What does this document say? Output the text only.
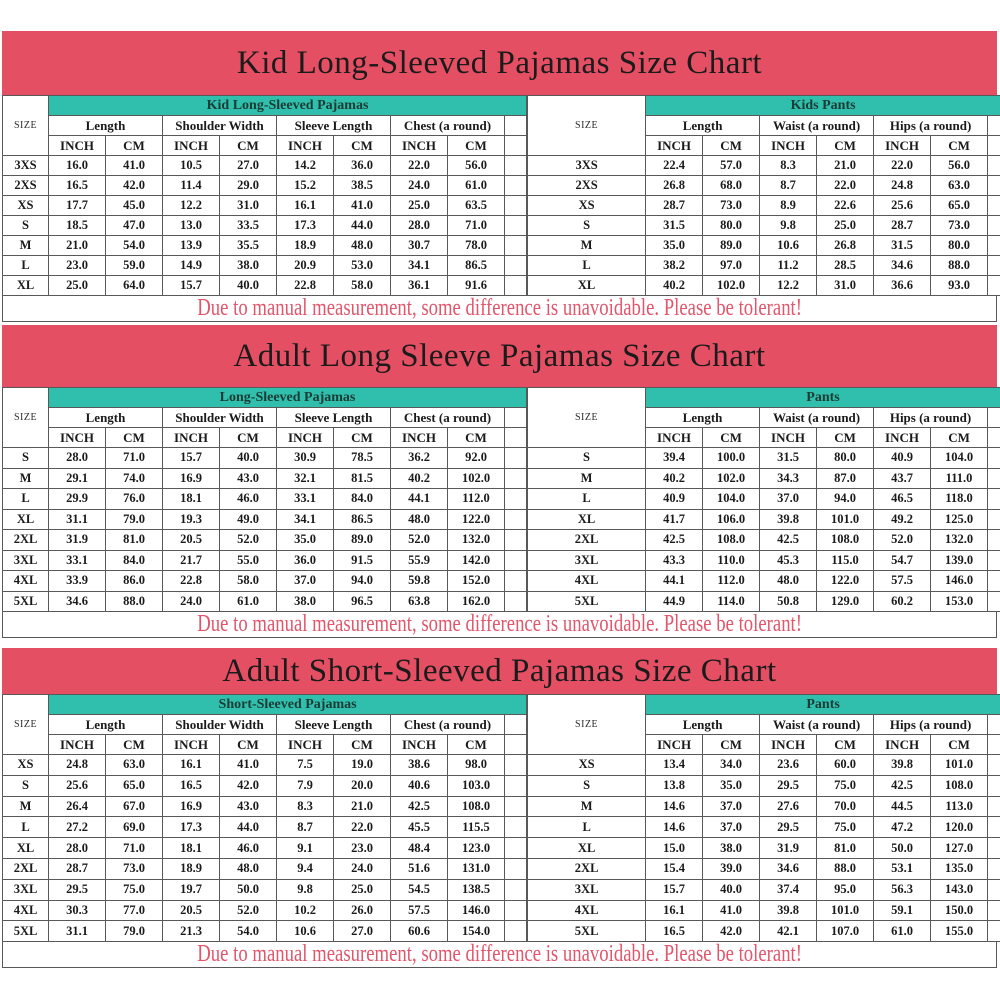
Kid Long-Sleeved Pajamas Size Chart
SIZE	Kid Long-Sleeved Pajamas								
	Length		Shoulder Width		Sleeve Length		Chest (a round)		
	INCH	CM	INCH	CM	INCH	CM	INCH	CM	
3XS	16.0	41.0	10.5	27.0	14.2	36.0	22.0	56.0	
2XS	16.5	42.0	11.4	29.0	15.2	38.5	24.0	61.0	
XS	17.7	45.0	12.2	31.0	16.1	41.0	25.0	63.5	
S	18.5	47.0	13.0	33.5	17.3	44.0	28.0	71.0	
M	21.0	54.0	13.9	35.5	18.9	48.0	30.7	78.0	
L	23.0	59.0	14.9	38.0	20.9	53.0	34.1	86.5	
XL	25.0	64.0	15.7	40.0	22.8	58.0	36.1	91.6	
SIZE	Kids Pants						
	Length		Waist (a round)		Hips (a round)		
	INCH	CM	INCH	CM	INCH	CM	
3XS	22.4	57.0	8.3	21.0	22.0	56.0	
2XS	26.8	68.0	8.7	22.0	24.8	63.0	
XS	28.7	73.0	8.9	22.6	25.6	65.0	
S	31.5	80.0	9.8	25.0	28.7	73.0	
M	35.0	89.0	10.6	26.8	31.5	80.0	
L	38.2	97.0	11.2	28.5	34.6	88.0	
XL	40.2	102.0	12.2	31.0	36.6	93.0	
Due to manual measurement, some difference is unavoidable. Please be tolerant!
Adult Long Sleeve Pajamas Size Chart
SIZE	Long-Sleeved Pajamas								
	Length		Shoulder Width		Sleeve Length		Chest (a round)		
	INCH	CM	INCH	CM	INCH	CM	INCH	CM	
S	28.0	71.0	15.7	40.0	30.9	78.5	36.2	92.0	
M	29.1	74.0	16.9	43.0	32.1	81.5	40.2	102.0	
L	29.9	76.0	18.1	46.0	33.1	84.0	44.1	112.0	
XL	31.1	79.0	19.3	49.0	34.1	86.5	48.0	122.0	
2XL	31.9	81.0	20.5	52.0	35.0	89.0	52.0	132.0	
3XL	33.1	84.0	21.7	55.0	36.0	91.5	55.9	142.0	
4XL	33.9	86.0	22.8	58.0	37.0	94.0	59.8	152.0	
5XL	34.6	88.0	24.0	61.0	38.0	96.5	63.8	162.0	
SIZE	Pants						
	Length		Waist (a round)		Hips (a round)		
	INCH	CM	INCH	CM	INCH	CM	
S	39.4	100.0	31.5	80.0	40.9	104.0	
M	40.2	102.0	34.3	87.0	43.7	111.0	
L	40.9	104.0	37.0	94.0	46.5	118.0	
XL	41.7	106.0	39.8	101.0	49.2	125.0	
2XL	42.5	108.0	42.5	108.0	52.0	132.0	
3XL	43.3	110.0	45.3	115.0	54.7	139.0	
4XL	44.1	112.0	48.0	122.0	57.5	146.0	
5XL	44.9	114.0	50.8	129.0	60.2	153.0	
Due to manual measurement, some difference is unavoidable. Please be tolerant!
Adult Short-Sleeved Pajamas Size Chart
SIZE	Short-Sleeved Pajamas								
	Length		Shoulder Width		Sleeve Length		Chest (a round)		
	INCH	CM	INCH	CM	INCH	CM	INCH	CM	
XS	24.8	63.0	16.1	41.0	7.5	19.0	38.6	98.0	
S	25.6	65.0	16.5	42.0	7.9	20.0	40.6	103.0	
M	26.4	67.0	16.9	43.0	8.3	21.0	42.5	108.0	
L	27.2	69.0	17.3	44.0	8.7	22.0	45.5	115.5	
XL	28.0	71.0	18.1	46.0	9.1	23.0	48.4	123.0	
2XL	28.7	73.0	18.9	48.0	9.4	24.0	51.6	131.0	
3XL	29.5	75.0	19.7	50.0	9.8	25.0	54.5	138.5	
4XL	30.3	77.0	20.5	52.0	10.2	26.0	57.5	146.0	
5XL	31.1	79.0	21.3	54.0	10.6	27.0	60.6	154.0	
SIZE	Pants						
	Length		Waist (a round)		Hips (a round)		
	INCH	CM	INCH	CM	INCH	CM	
XS	13.4	34.0	23.6	60.0	39.8	101.0	
S	13.8	35.0	29.5	75.0	42.5	108.0	
M	14.6	37.0	27.6	70.0	44.5	113.0	
L	14.6	37.0	29.5	75.0	47.2	120.0	
XL	15.0	38.0	31.9	81.0	50.0	127.0	
2XL	15.4	39.0	34.6	88.0	53.1	135.0	
3XL	15.7	40.0	37.4	95.0	56.3	143.0	
4XL	16.1	41.0	39.8	101.0	59.1	150.0	
5XL	16.5	42.0	42.1	107.0	61.0	155.0	
Due to manual measurement, some difference is unavoidable. Please be tolerant!
